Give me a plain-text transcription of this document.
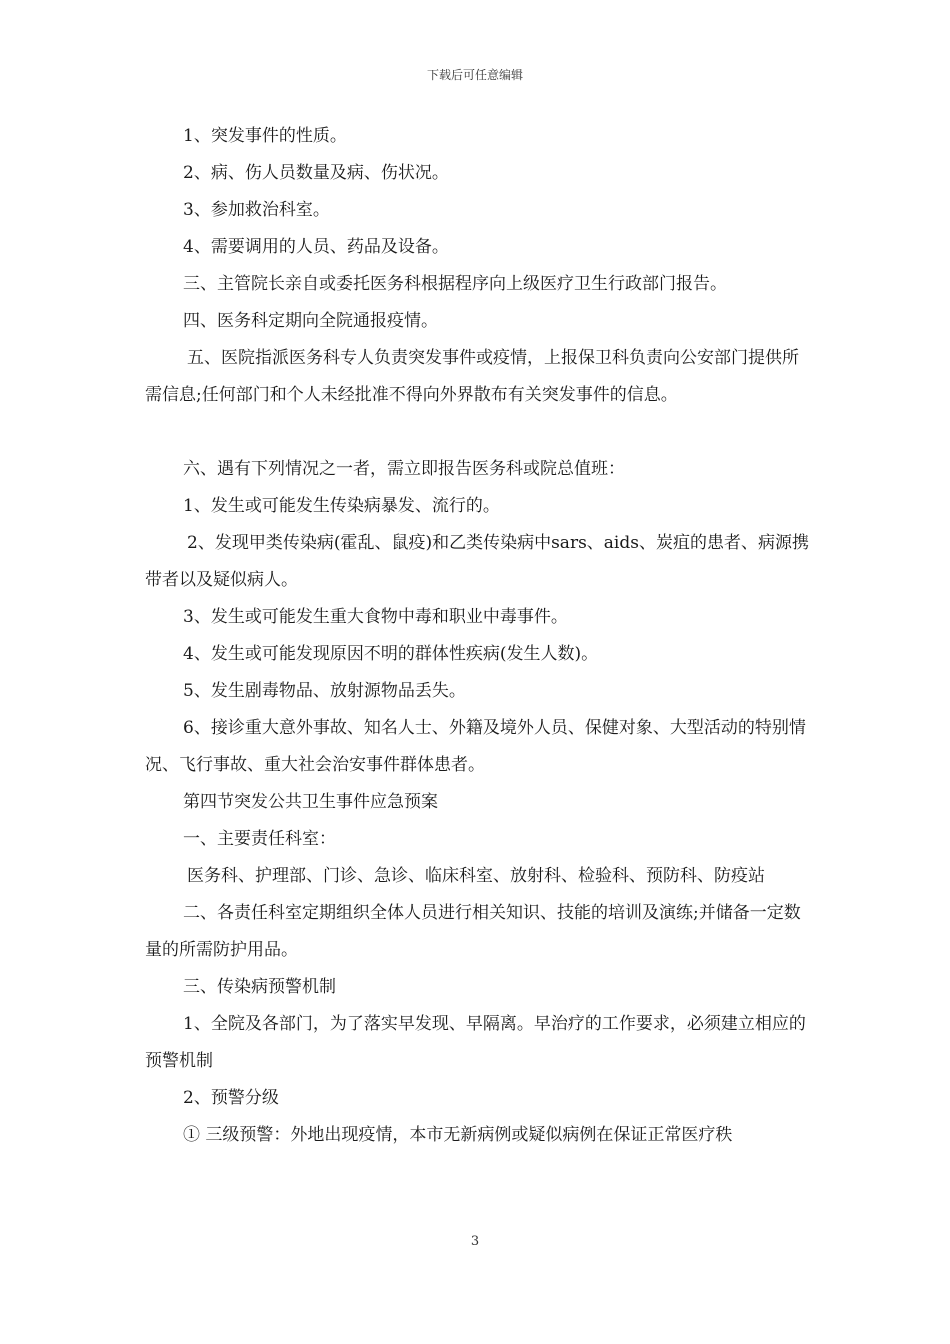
下载后可任意编辑

1、突发事件的性质。

2、病、伤人员数量及病、伤状况。

3、参加救治科室。

4、需要调用的人员、药品及设备。

三、主管院长亲自或委托医务科根据程序向上级医疗卫生行政部门报告。

四、医务科定期向全院通报疫情。

五、医院指派医务科专人负责突发事件或疫情，上报保卫科负责向公安部门提供所需信息;任何部门和个人未经批准不得向外界散布有关突发事件的信息。

六、遇有下列情况之一者，需立即报告医务科或院总值班：

1、发生或可能发生传染病暴发、流行的。

2、发现甲类传染病(霍乱、鼠疫)和乙类传染病中sars、aids、炭疽的患者、病源携带者以及疑似病人。

3、发生或可能发生重大食物中毒和职业中毒事件。

4、发生或可能发现原因不明的群体性疾病(发生人数)。

5、发生剧毒物品、放射源物品丢失。

6、接诊重大意外事故、知名人士、外籍及境外人员、保健对象、大型活动的特别情况、飞行事故、重大社会治安事件群体患者。

第四节突发公共卫生事件应急预案

一、主要责任科室：

医务科、护理部、门诊、急诊、临床科室、放射科、检验科、预防科、防疫站

二、各责任科室定期组织全体人员进行相关知识、技能的培训及演练;并储备一定数量的所需防护用品。

三、传染病预警机制

1、全院及各部门，为了落实早发现、早隔离。早治疗的工作要求，必须建立相应的预警机制

2、预警分级

① 三级预警：外地出现疫情，本市无新病例或疑似病例在保证正常医疗秩

3
